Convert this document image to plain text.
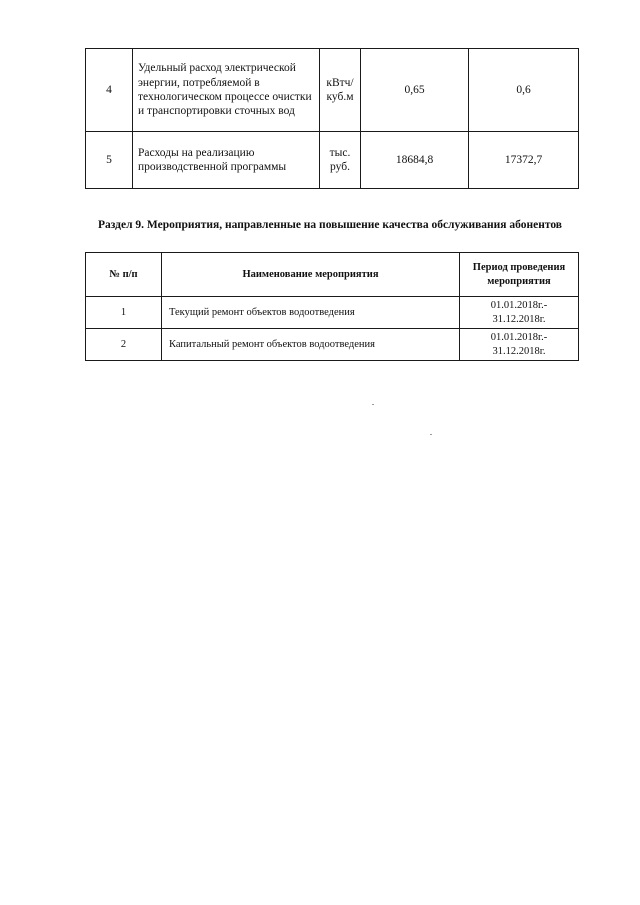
4	Удельный расход электрической энергии, потребляемой в технологическом процессе очистки и транспортировки сточных вод	кВтч/ куб.м	0,65	0,6
5	Расходы на реализацию производственной программы	тыс. руб.	18684,8	17372,7
Раздел 9. Мероприятия, направленные на повышение качества обслуживания абонентов
№ п/п	Наименование мероприятия	Период проведения мероприятия
1	Текущий ремонт объектов водоотведения	01.01.2018г.- 31.12.2018г.
2	Капитальный ремонт объектов водоотведения	01.01.2018г.- 31.12.2018г.
